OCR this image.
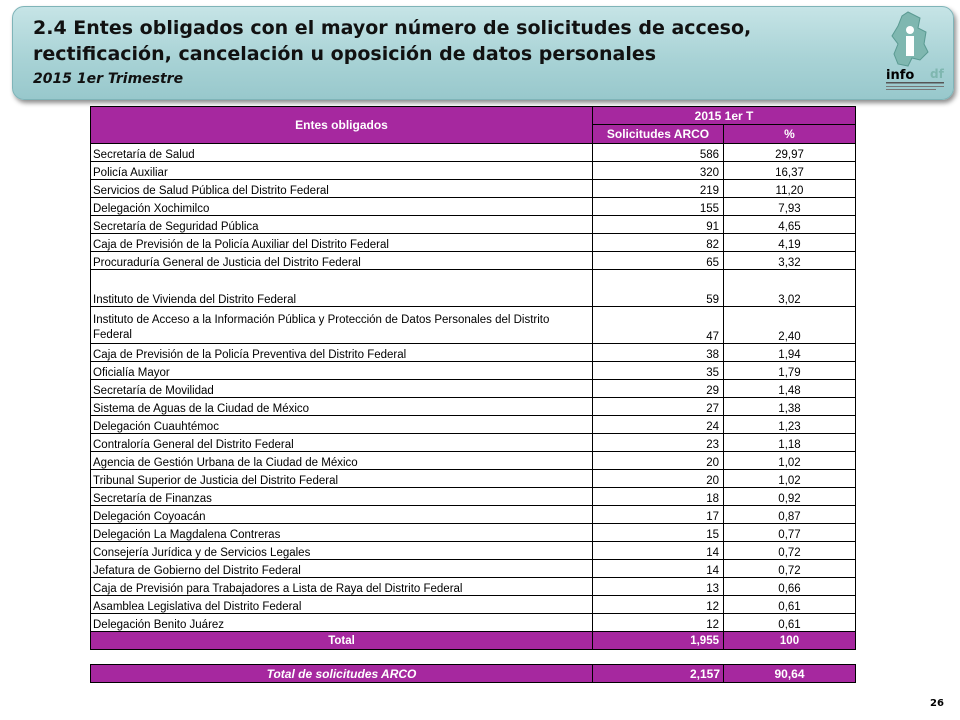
2.4 Entes obligados con el mayor número de solicitudes de acceso, rectificación, cancelación u oposición de datos personales
2015 1er Trimestre	df
info
Entes obligados	2015 1er T	
	Solicitudes ARCO	%
Secretaría de Salud	586	29,97
Policía Auxiliar	320	16,37
Servicios de Salud Pública del Distrito Federal	219	11,20
Delegación Xochimilco	155	7,93
Secretaría de Seguridad Pública	91	4,65
Caja de Previsión de la Policía Auxiliar del Distrito Federal	82	4,19
Procuraduría General de Justicia del Distrito Federal	65	3,32
Instituto de Vivienda del Distrito Federal	59	3,02
Instituto de Acceso a la Información Pública y Protección de Datos Personales del Distrito Federal	47	2,40
Caja de Previsión de la Policía Preventiva del Distrito Federal	38	1,94
Oficialía Mayor	35	1,79
Secretaría de Movilidad	29	1,48
Sistema de Aguas de la Ciudad de México	27	1,38
Delegación Cuauhtémoc	24	1,23
Contraloría General del Distrito Federal	23	1,18
Agencia de Gestión Urbana de la Ciudad de México	20	1,02
Tribunal Superior de Justicia del Distrito Federal	20	1,02
Secretaría de Finanzas	18	0,92
Delegación Coyoacán	17	0,87
Delegación La Magdalena Contreras	15	0,77
Consejería Jurídica y de Servicios Legales	14	0,72
Jefatura de Gobierno del Distrito Federal	14	0,72
Caja de Previsión para Trabajadores a Lista de Raya del Distrito Federal	13	0,66
Asamblea Legislativa del Distrito Federal	12	0,61
Delegación Benito Juárez	12	0,61
Total	1,955	100
Total de solicitudes ARCO	2,157	90,64
26
